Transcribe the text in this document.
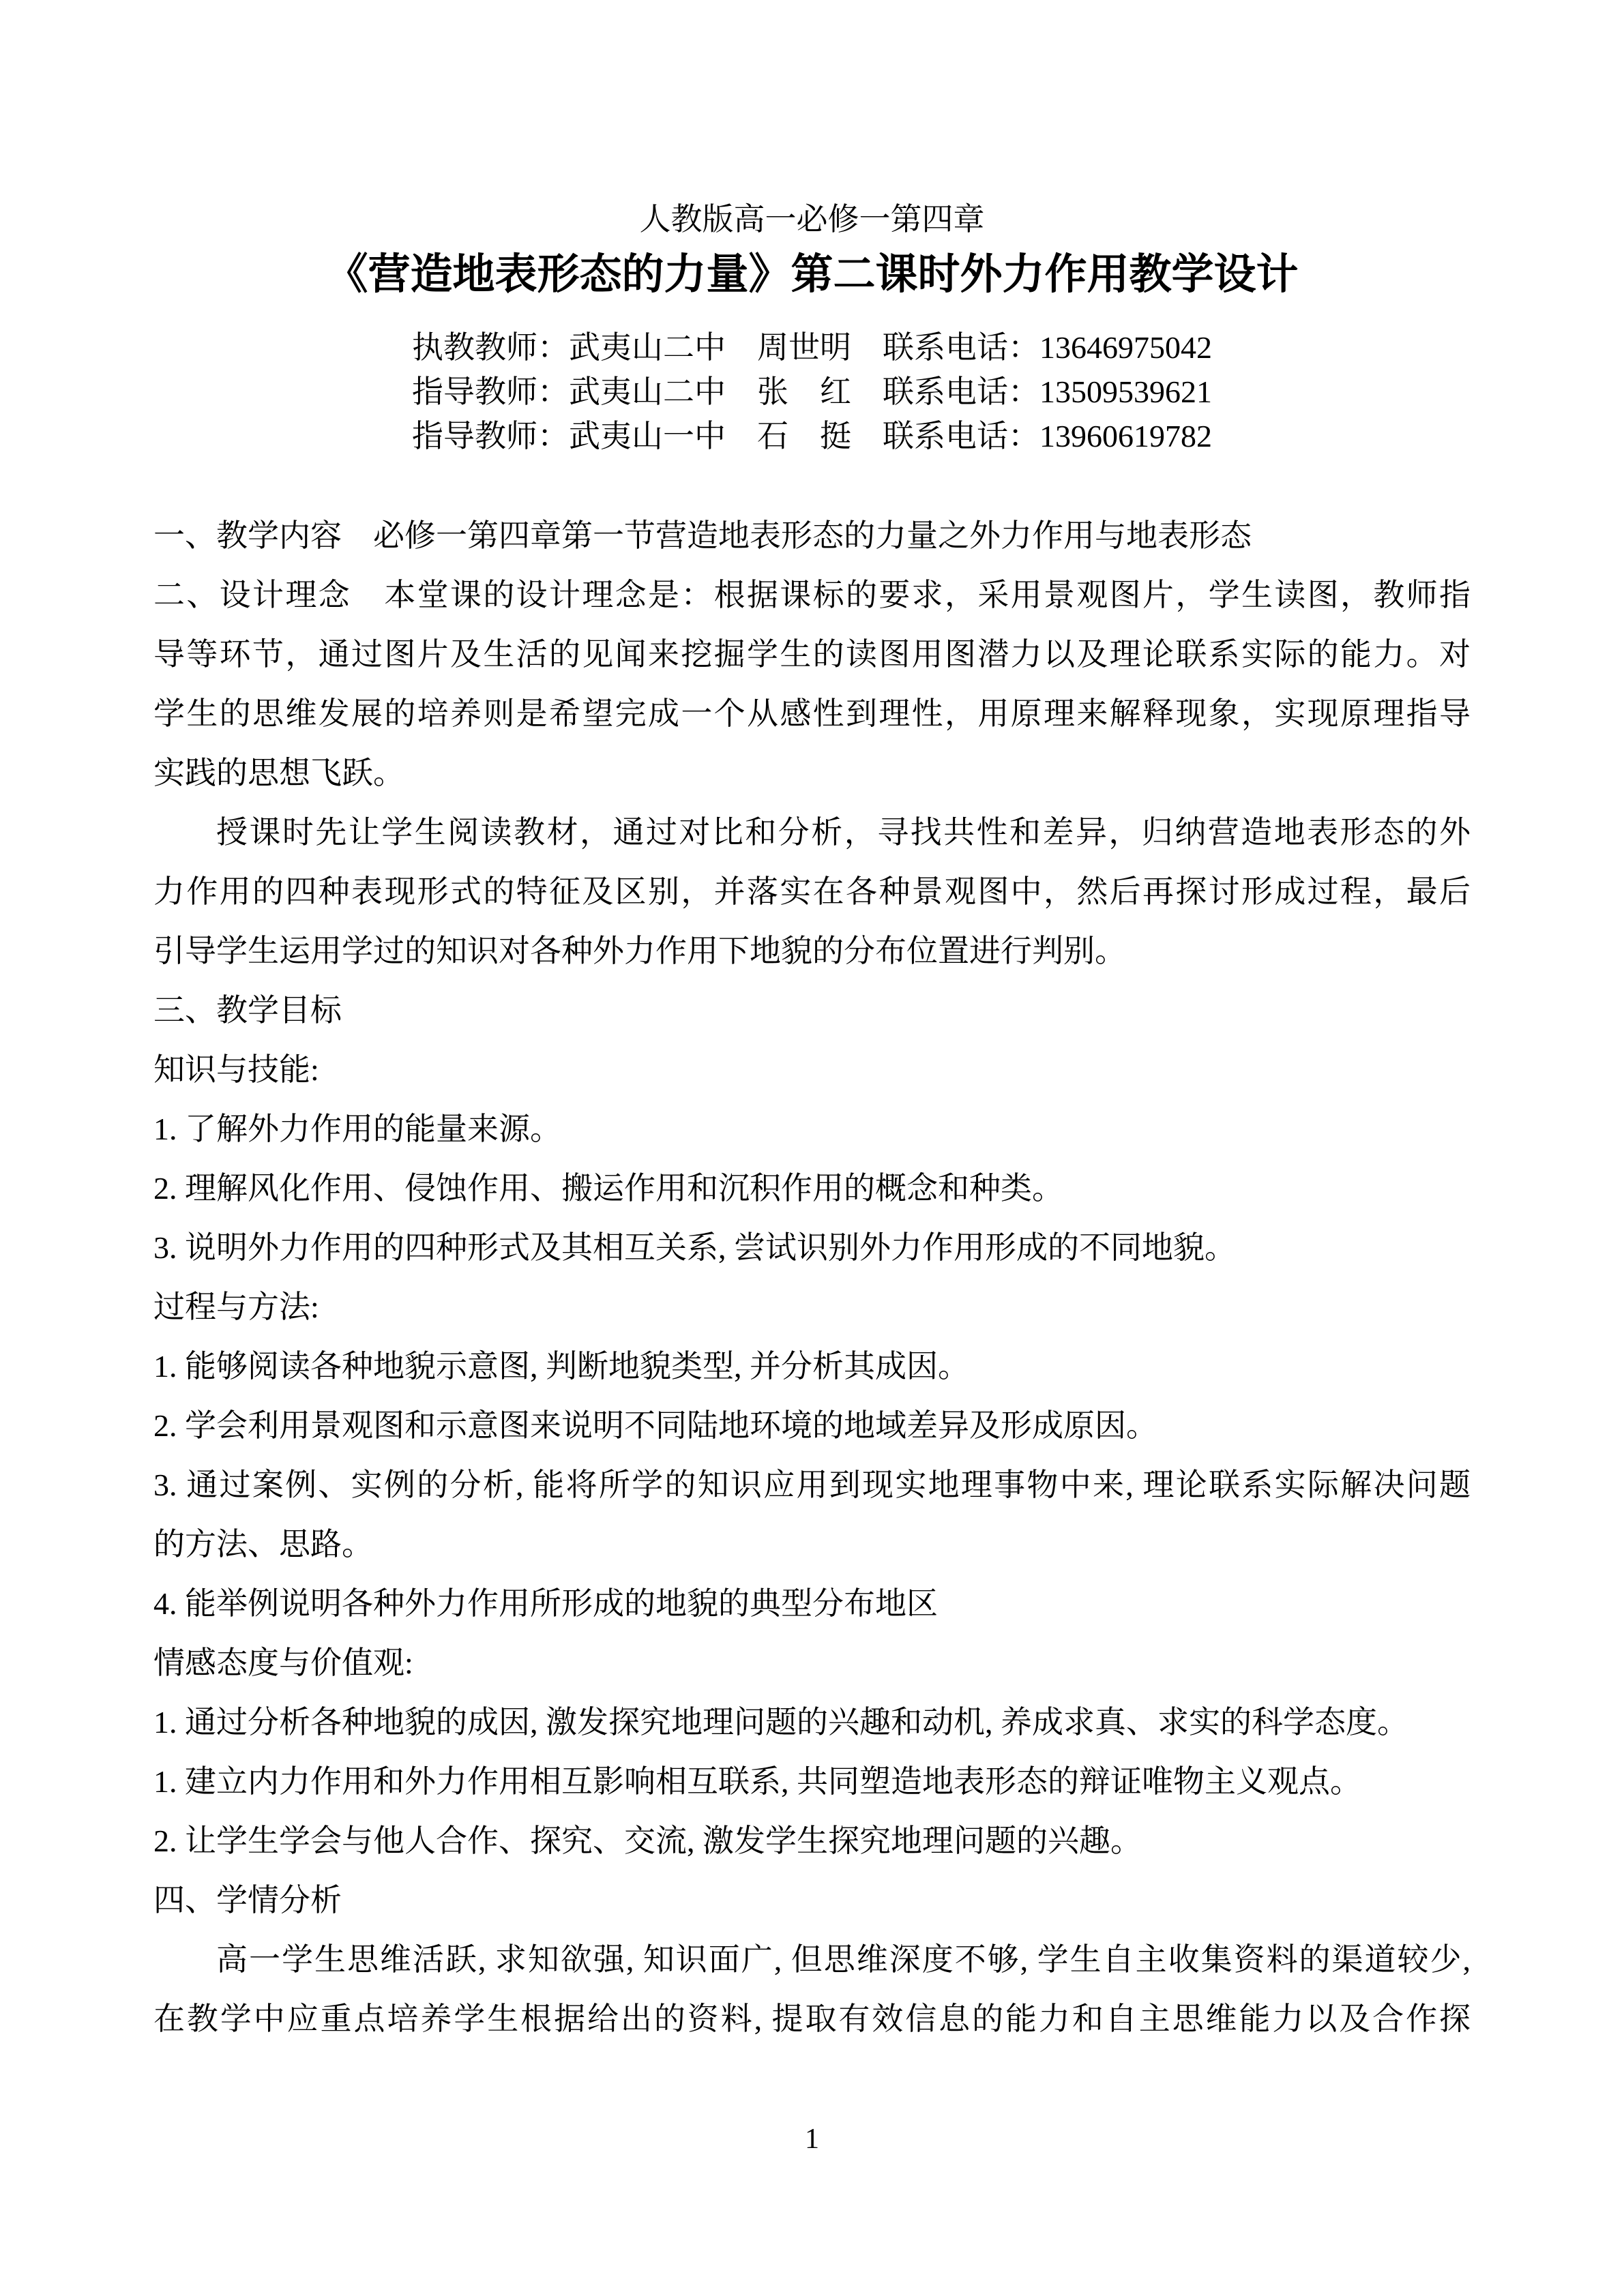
人教版高一必修一第四章
《营造地表形态的力量》第二课时外力作用教学设计
执教教师：武夷山二中　周世明　联系电话：13646975042
指导教师：武夷山二中　张　红　联系电话：13509539621
指导教师：武夷山一中　石　挺　联系电话：13960619782
一、教学内容　必修一第四章第一节营造地表形态的力量之外力作用与地表形态
二、设计理念　本堂课的设计理念是：根据课标的要求，采用景观图片，学生读图，教师指
导等环节，通过图片及生活的见闻来挖掘学生的读图用图潜力以及理论联系实际的能力。对
学生的思维发展的培养则是希望完成一个从感性到理性，用原理来解释现象，实现原理指导
实践的思想飞跃。
授课时先让学生阅读教材，通过对比和分析，寻找共性和差异，归纳营造地表形态的外
力作用的四种表现形式的特征及区别，并落实在各种景观图中，然后再探讨形成过程，最后
引导学生运用学过的知识对各种外力作用下地貌的分布位置进行判别。
三、教学目标
知识与技能:
1. 了解外力作用的能量来源。
2. 理解风化作用、侵蚀作用、搬运作用和沉积作用的概念和种类。
3. 说明外力作用的四种形式及其相互关系, 尝试识别外力作用形成的不同地貌。
过程与方法:
1. 能够阅读各种地貌示意图, 判断地貌类型, 并分析其成因。
2. 学会利用景观图和示意图来说明不同陆地环境的地域差异及形成原因。
3. 通过案例、实例的分析, 能将所学的知识应用到现实地理事物中来, 理论联系实际解决问题
的方法、思路。
4. 能举例说明各种外力作用所形成的地貌的典型分布地区
情感态度与价值观:
1. 通过分析各种地貌的成因, 激发探究地理问题的兴趣和动机, 养成求真、求实的科学态度。
1. 建立内力作用和外力作用相互影响相互联系, 共同塑造地表形态的辩证唯物主义观点。
2. 让学生学会与他人合作、探究、交流, 激发学生探究地理问题的兴趣。
四、学情分析
高一学生思维活跃, 求知欲强, 知识面广, 但思维深度不够, 学生自主收集资料的渠道较少,
在教学中应重点培养学生根据给出的资料, 提取有效信息的能力和自主思维能力以及合作探
1
